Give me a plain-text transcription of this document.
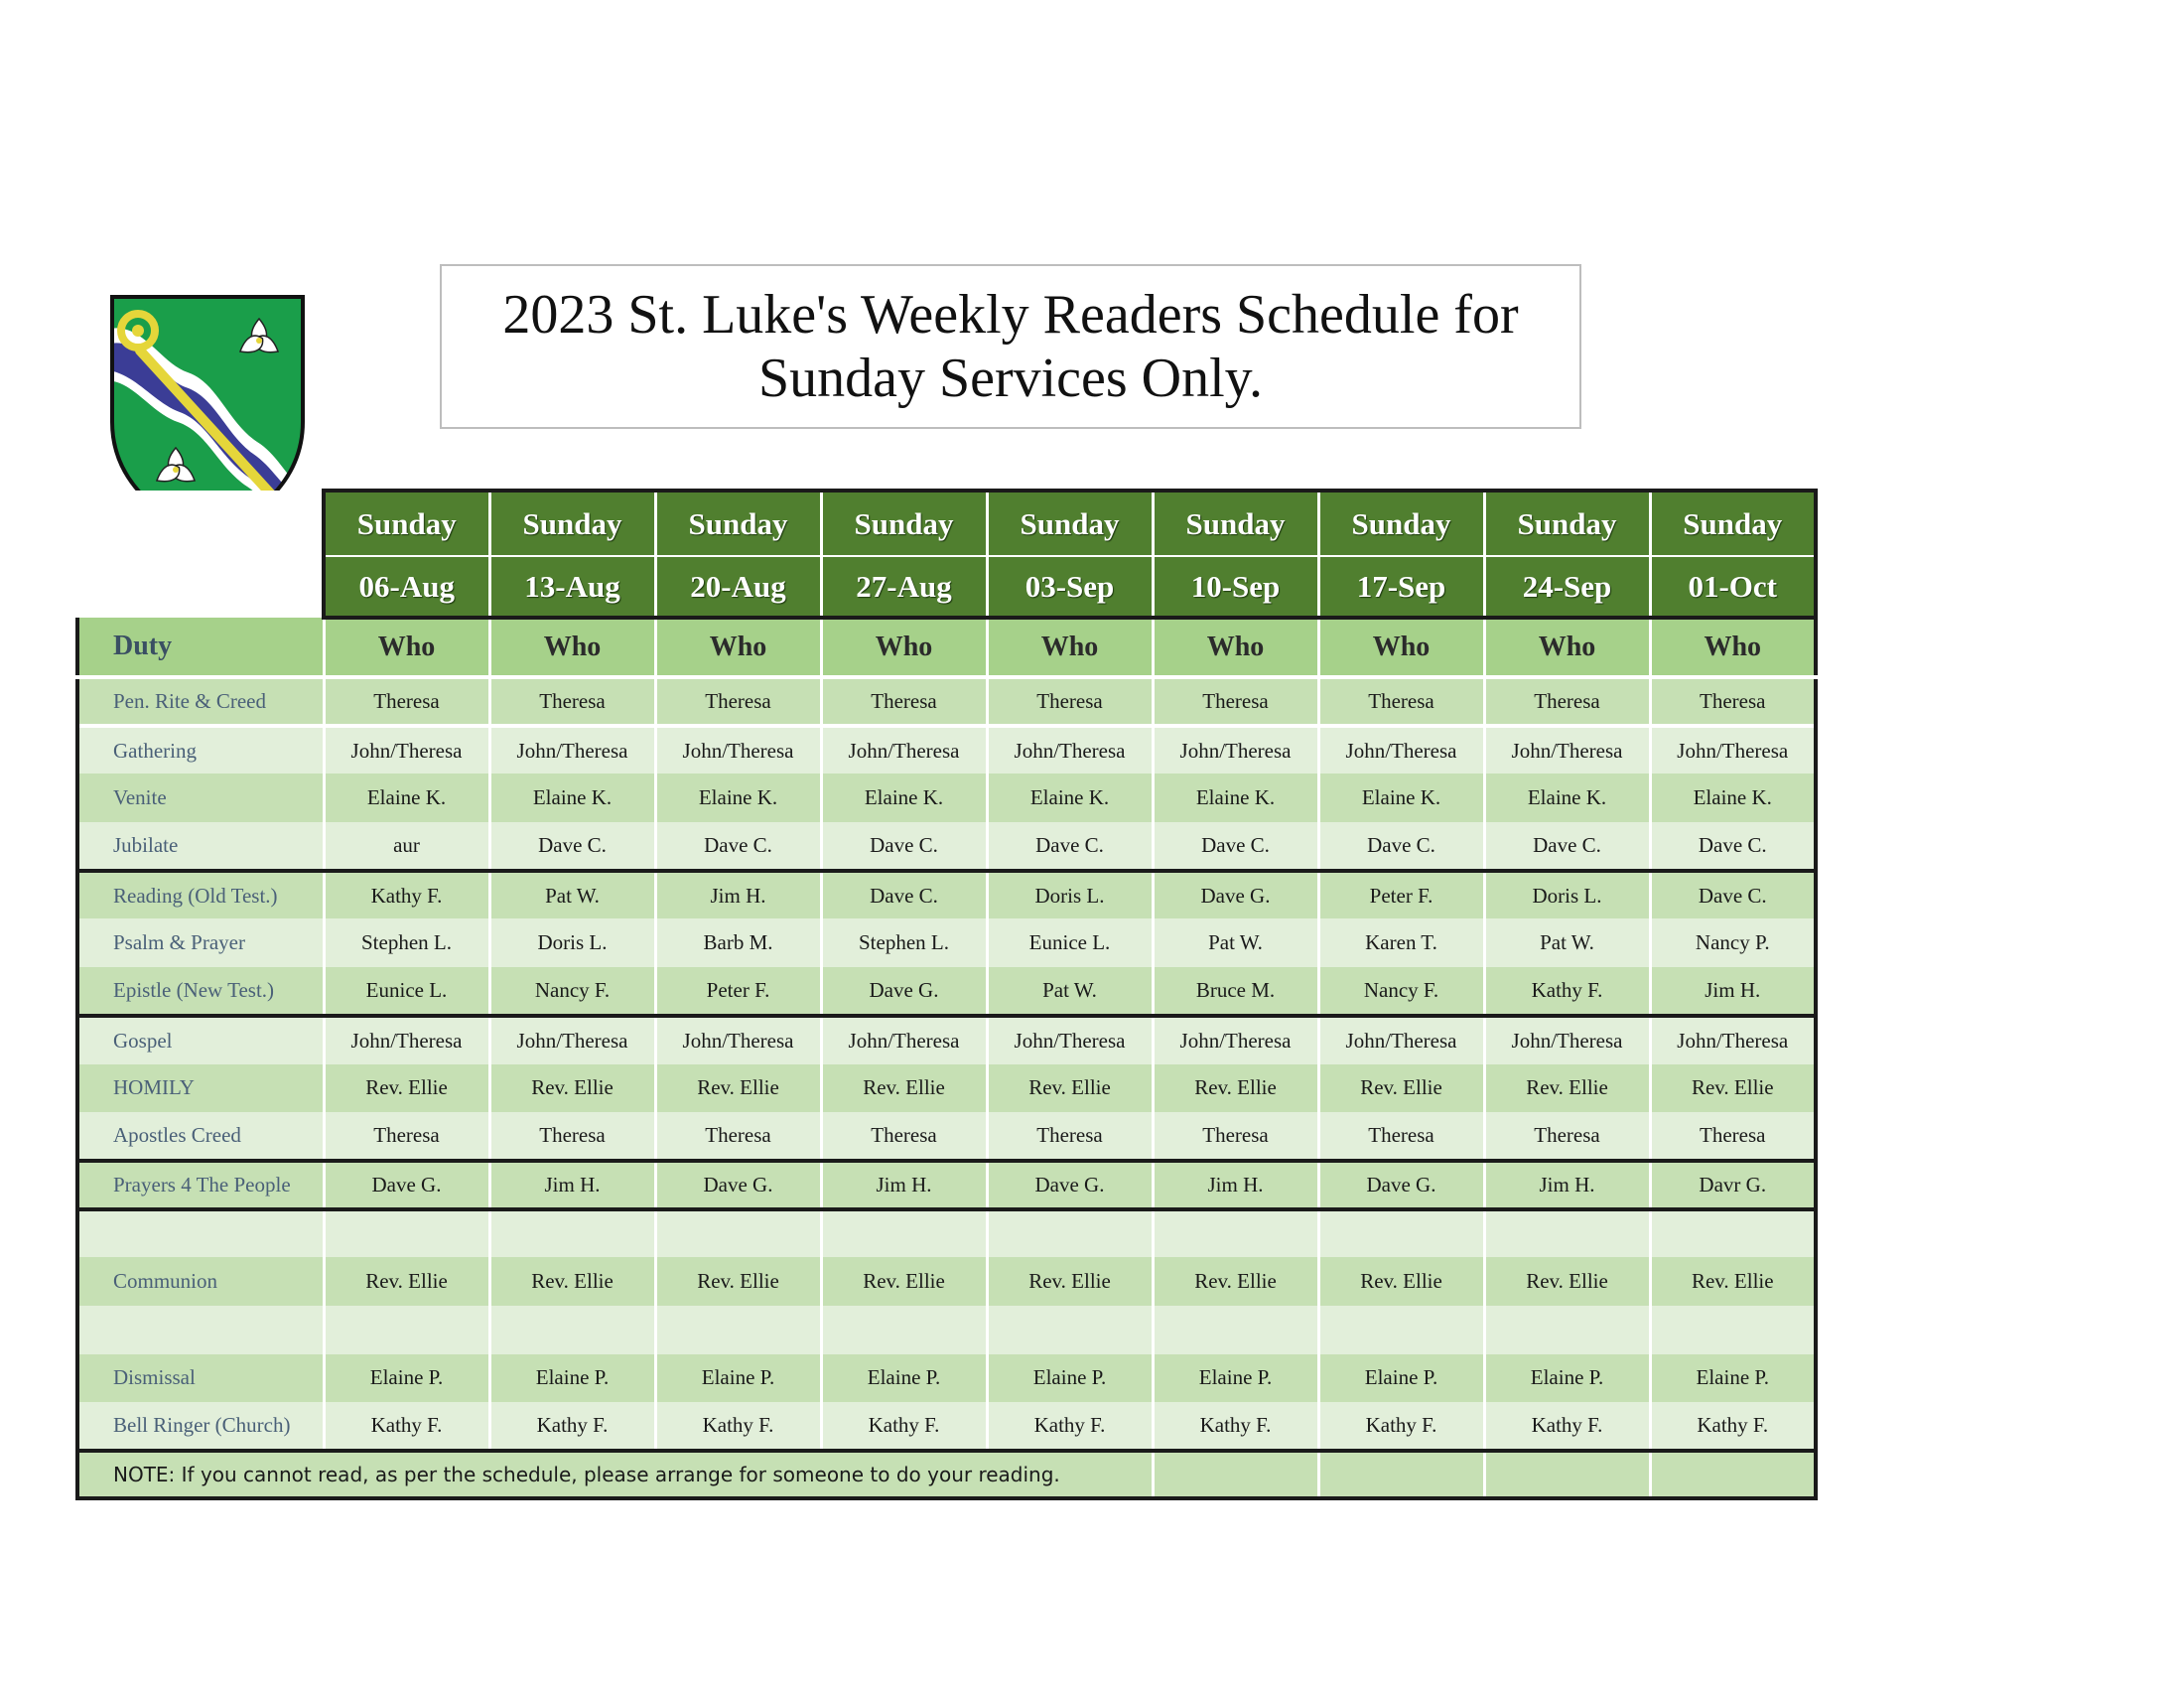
2023 St. Luke's Weekly Readers Schedule for
Sunday Services Only.
	Sunday	Sunday	Sunday	Sunday	Sunday	Sunday	Sunday	Sunday	Sunday
	06-Aug	13-Aug	20-Aug	27-Aug	03-Sep	10-Sep	17-Sep	24-Sep	01-Oct
Duty	Who	Who	Who	Who	Who	Who	Who	Who	Who
Pen. Rite & Creed	Theresa	Theresa	Theresa	Theresa	Theresa	Theresa	Theresa	Theresa	Theresa
Gathering	John/Theresa	John/Theresa	John/Theresa	John/Theresa	John/Theresa	John/Theresa	John/Theresa	John/Theresa	John/Theresa
Venite	Elaine K.	Elaine K.	Elaine K.	Elaine K.	Elaine K.	Elaine K.	Elaine K.	Elaine K.	Elaine K.
Jubilate	aur	Dave C.	Dave C.	Dave C.	Dave C.	Dave C.	Dave C.	Dave C.	Dave C.
Reading (Old Test.)	Kathy F.	Pat W.	Jim H.	Dave C.	Doris L.	Dave G.	Peter F.	Doris L.	Dave C.
Psalm & Prayer	Stephen L.	Doris L.	Barb M.	Stephen L.	Eunice L.	Pat W.	Karen T.	Pat W.	Nancy P.
Epistle (New Test.)	Eunice L.	Nancy F.	Peter F.	Dave G.	Pat W.	Bruce M.	Nancy F.	Kathy F.	Jim H.
Gospel	John/Theresa	John/Theresa	John/Theresa	John/Theresa	John/Theresa	John/Theresa	John/Theresa	John/Theresa	John/Theresa
HOMILY	Rev. Ellie	Rev. Ellie	Rev. Ellie	Rev. Ellie	Rev. Ellie	Rev. Ellie	Rev. Ellie	Rev. Ellie	Rev. Ellie
Apostles Creed	Theresa	Theresa	Theresa	Theresa	Theresa	Theresa	Theresa	Theresa	Theresa
Prayers 4 The People	Dave G.	Jim H.	Dave G.	Jim H.	Dave G.	Jim H.	Dave G.	Jim H.	Davr G.

Communion	Rev. Ellie	Rev. Ellie	Rev. Ellie	Rev. Ellie	Rev. Ellie	Rev. Ellie	Rev. Ellie	Rev. Ellie	Rev. Ellie

Dismissal	Elaine P.	Elaine P.	Elaine P.	Elaine P.	Elaine P.	Elaine P.	Elaine P.	Elaine P.	Elaine P.
Bell Ringer (Church)	Kathy F.	Kathy F.	Kathy F.	Kathy F.	Kathy F.	Kathy F.	Kathy F.	Kathy F.	Kathy F.
NOTE: If you cannot read, as per the schedule, please arrange for someone to do your reading.									
